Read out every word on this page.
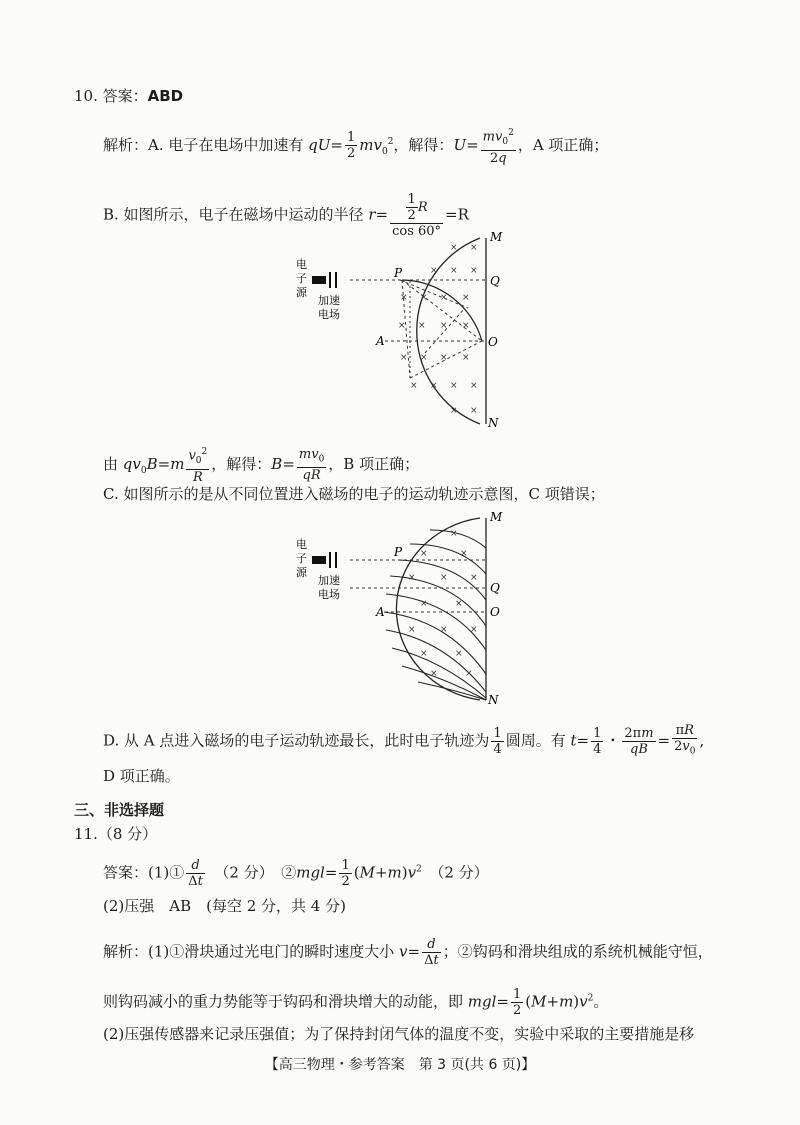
10. 答案：ABD
解析：A. 电子在电场中加速有 $qU= \frac{1}{2} mv_0^2$，解得：$U= \frac{mv_0^2}{2q}$ ，A 项正确；
B. 如图所示，电子在磁场中运动的半径 $r= \frac{\frac{1}{2} R}{\cos 60^\circ} =R$
电
子
源
加速
电场
M
P
Q
A	O
N
× ×
× × ×
× × × ×
× × × ×
× × × ×
× × × ×
× ×
由 $qv_0B=m \frac{v_0^2}{R}$ ，解得：$B= \frac{mv_0}{qR}$ ，B 项正确；
C. 如图所示的是从不同位置进入磁场的电子的运动轨迹示意图，C 项错误；
电
子
源
加速
电场
M
P
Q
A	O
N
×
×	×
×	× ×
×	×
×	× ×
×	×
×	×
D. 从 A 点进入磁场的电子运动轨迹最长，此时电子轨迹为 $\frac{1}{4}$ 圆周。有 $t= \frac{1}{4}$ ・ $\frac{2\pi m}{qB} = \frac{\pi R}{2v_0}$ ,
D 项正确。
三、非选择题
11.（8 分）
答案：(1)① $\frac{d}{\Delta t}$
　 （2 分）　 ②mgl= $\frac{1}{2} (M+m)v^2$　 （2 分）
(2)压强　AB　(每空 2 分，共 4 分)
解析：(1)①滑块通过光电门的瞬时速度大小 $v= \frac{d}{\Delta t}$ ；②钩码和滑块组成的系统机械能守恒，
则钩码减小的重力势能等于钩码和滑块增大的动能，即 $mgl= \frac{1}{2} (M+m)v^2$。
(2)压强传感器来记录压强值；为了保持封闭气体的温度不变，实验中采取的主要措施是移
【高三物理・参考答案　第 3 页(共 6 页)】
